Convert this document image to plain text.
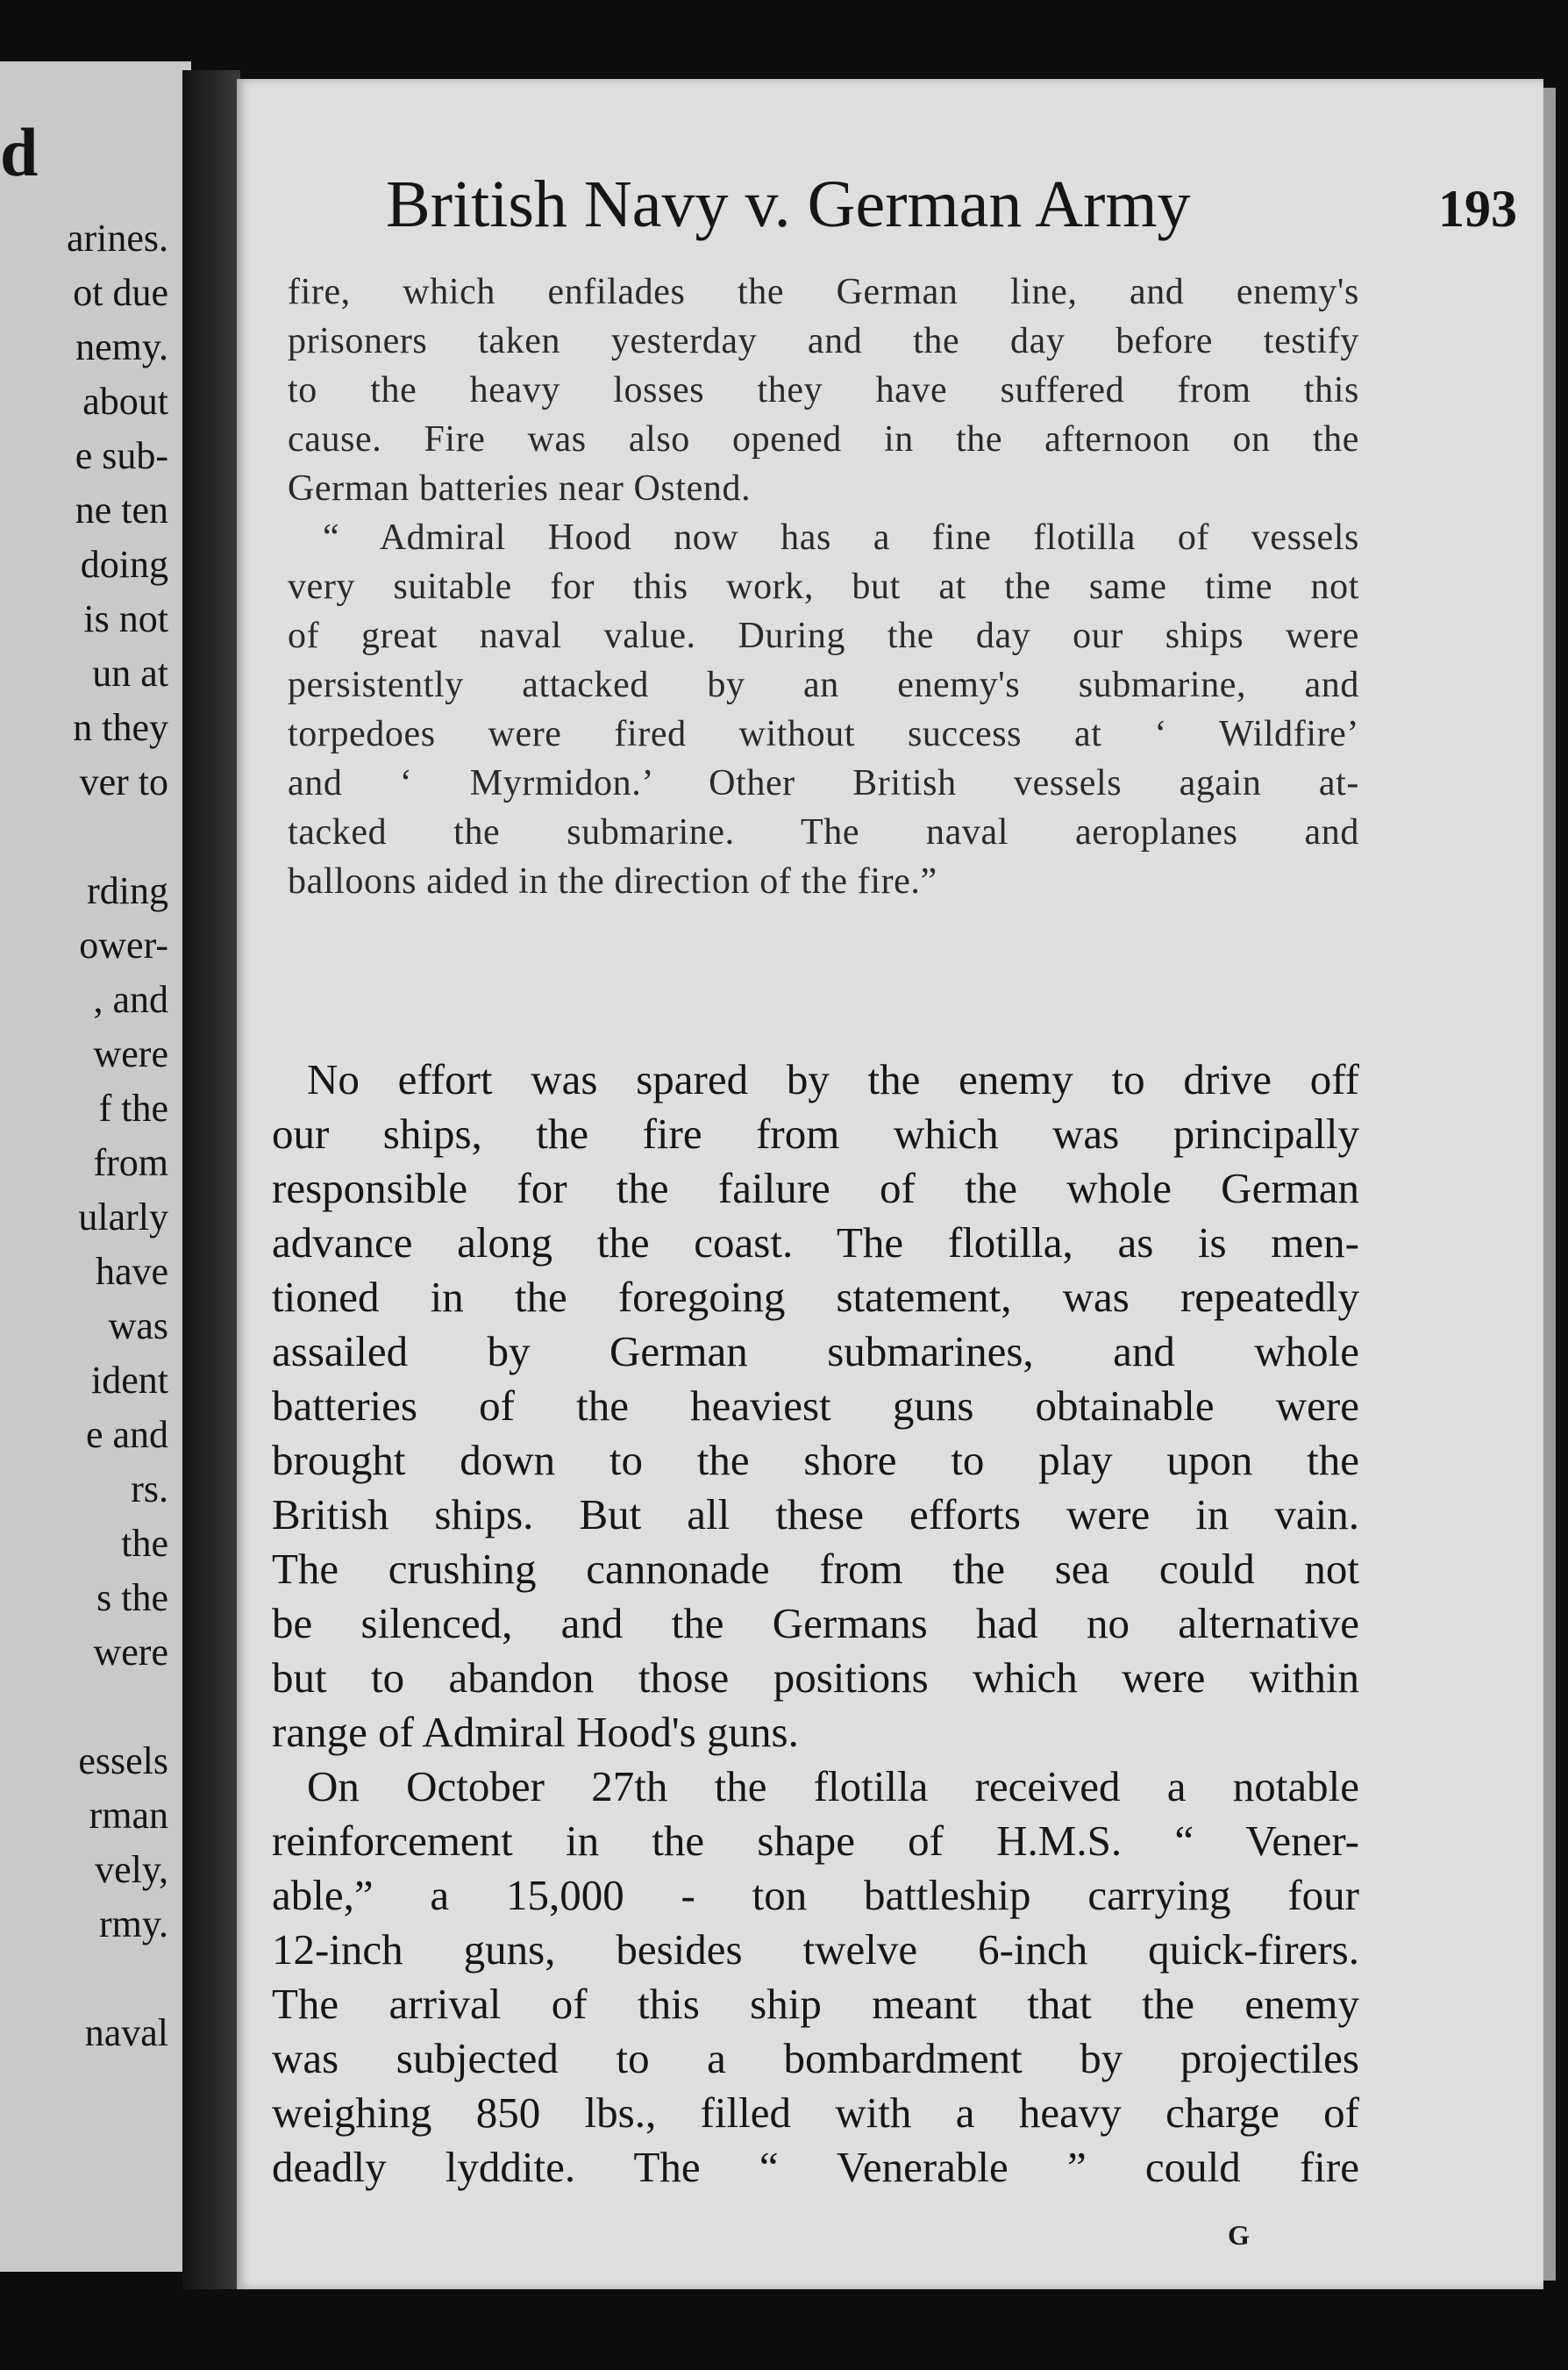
d
arines.
ot due
nemy.
about
e sub-
ne ten
doing
is not
un at
n they
ver to
rding
ower-
, and
were
f the
from
ularly
have
was
ident
e and
rs.
the
s the
were
essels
rman
vely,
rmy.
naval
British Navy v. German Army	193
fire, which enfilades the German line, and enemy's
prisoners taken yesterday and the day before testify
to the heavy losses they have suffered from this
cause. Fire was also opened in the afternoon on the
German batteries near Ostend.
“ Admiral Hood now has a fine flotilla of vessels
very suitable for this work, but at the same time not
of great naval value. During the day our ships were
persistently attacked by an enemy's submarine, and
torpedoes were fired without success at ‘ Wildfire’
and ‘ Myrmidon.’ Other British vessels again at-
tacked the submarine. The naval aeroplanes and
balloons aided in the direction of the fire.”
No effort was spared by the enemy to drive off
our ships, the fire from which was principally
responsible for the failure of the whole German
advance along the coast. The flotilla, as is men-
tioned in the foregoing statement, was repeatedly
assailed by German submarines, and whole
batteries of the heaviest guns obtainable were
brought down to the shore to play upon the
British ships. But all these efforts were in vain.
The crushing cannonade from the sea could not
be silenced, and the Germans had no alternative
but to abandon those positions which were within
range of Admiral Hood's guns.
On October 27th the flotilla received a notable
reinforcement in the shape of H.M.S. “ Vener-
able,” a 15,000 - ton battleship carrying four
12-inch guns, besides twelve 6-inch quick-firers.
The arrival of this ship meant that the enemy
was subjected to a bombardment by projectiles
weighing 850 lbs., filled with a heavy charge of
deadly lyddite. The “ Venerable ” could fire
G
